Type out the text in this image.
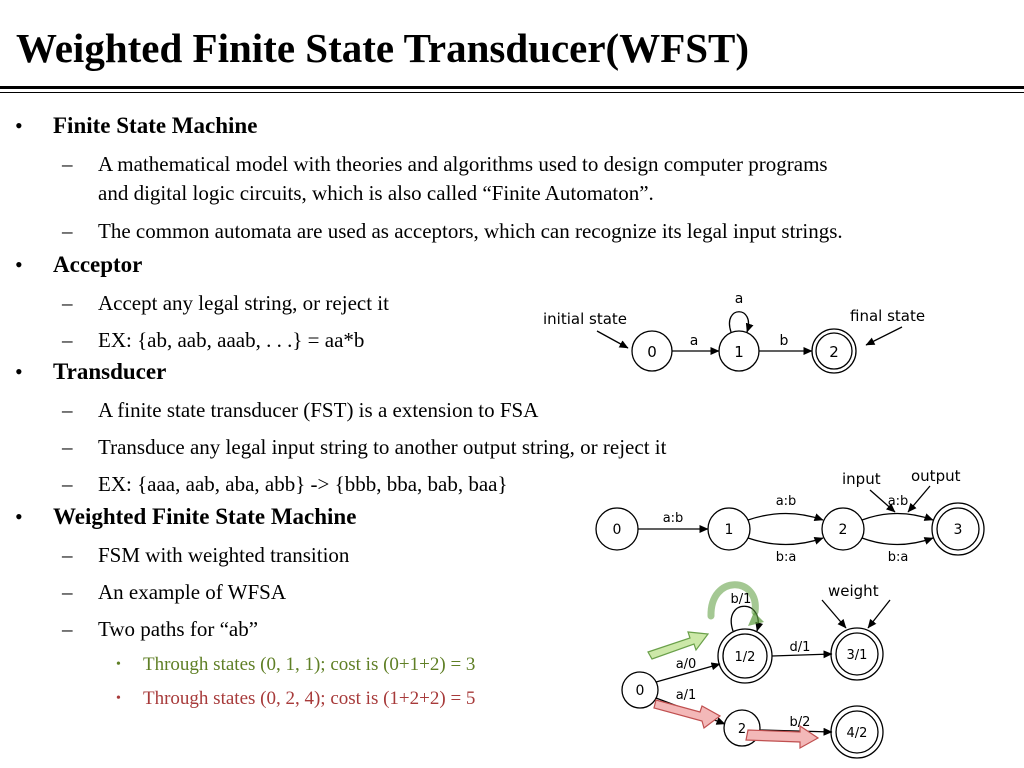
Weighted Finite State Transducer(WFST)
• Finite State Machine
– A mathematical model with theories and algorithms used to design computer programs
and digital logic circuits, which is also called “Finite Automaton”.
– The common automata are used as acceptors, which can recognize its legal input strings.
• Acceptor
– Accept any legal string, or reject it
– EX: {ab, aab, aaab, . . .} = aa*b
• Transducer
– A finite state transducer (FST) is a extension to FSA
– Transduce any legal input string to another output string, or reject it
– EX: {aaa, aab, aba, abb} -> {bbb, bba, bab, baa}
• Weighted Finite State Machine
– FSM with weighted transition
– An example of WFSA
– Two paths for “ab”
• Through states (0, 1, 1); cost is (0+1+2) = 3
• Through states (0, 2, 4); cost is (1+2+2) = 5
0	1	2
a
a
b
initial state	final state
0	1	2	3
a:b
a:b
b:a
a:b
b:a
input output
0
1/2
2
3/1
4/2
b/1
a/0
a/1
d/1
b/2
weight
